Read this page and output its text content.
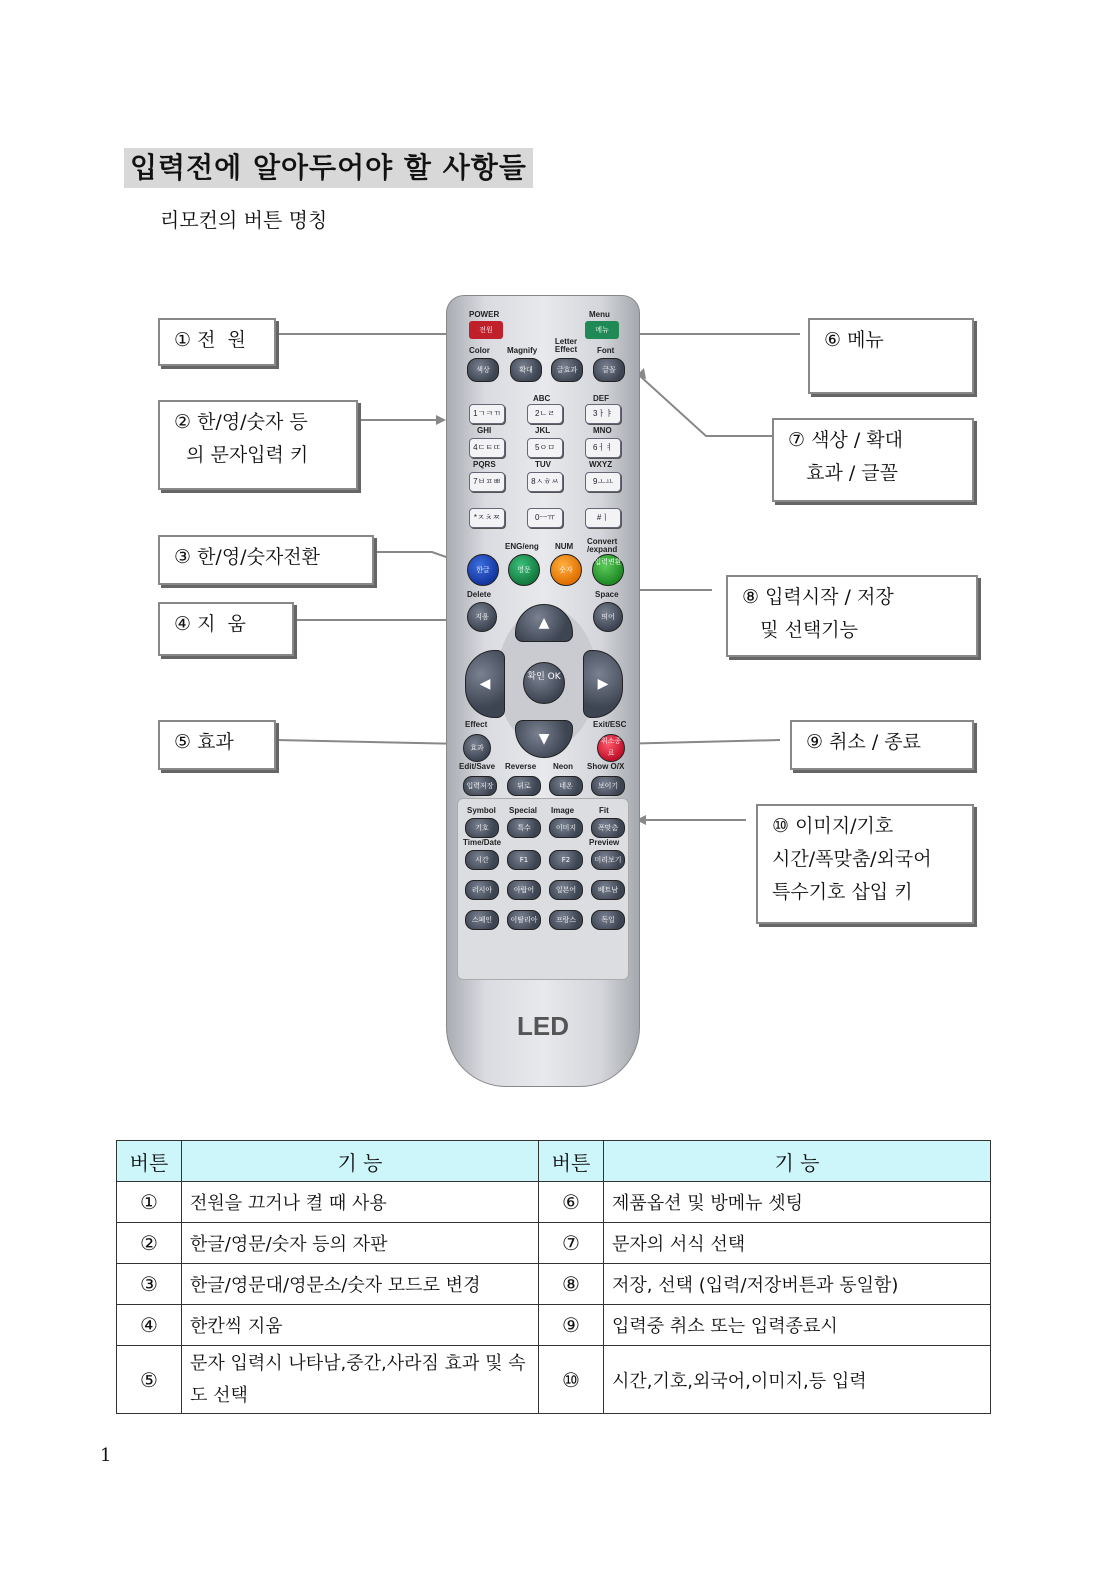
입력전에 알아두어야 할 사항들
리모컨의 버튼 명칭
① 전  원
② 한/영/숫자 등
의 문자입력 키
③ 한/영/숫자전환
④ 지  움
⑤ 효과
⑥ 메뉴
⑦ 색상 / 확대
효과 / 글꼴
⑧ 입력시작 / 저장
및 선택기능
⑨ 취소 / 종료
⑩ 이미지/기호
시간/폭맞춤/외국어
특수기호 삽입 키
POWER
전원
Menu
메뉴
Color Magnify
Letter Effect	Font
색상	확대	글효과	글꼴
ABC	DEF
1ㄱㅋㄲ	2ㄴㄹ	3ㅏㅑ
GHI	JKL	MNO
4ㄷㅌㄸ	5ㅇㅁ	6ㅓㅕ
PQRS	TUV	WXYZ
7ㅂㅍㅃ	8ㅅㅎㅆ	9ㅗㅛ
*ㅈㅊㅉ	0ㅡㅠ	#ㅣ
ENG/eng NUM
Convert /expand
한글	영문	숫자
입력변환
Delete	Space
지움	띄어
▲
▼
◀	▶
확인 OK
Effect	Exit/ESC
효과
취소종료
Edit/Save Reverse Neon Show O/X
입력저장	뒤로	네온	보이기
Symbol Special Image	Fit
기호	특수	이미지	폭맞춤
Time/Date	Preview
시간	F1	F2	미리보기
러시아	아랍어	일본어	베트남
스페인	이탈리아	프랑스	독일
LED
버튼	기 능	버튼	기 능
①	전원을 끄거나 켤 때 사용	⑥	제품옵션 및 방메뉴 셋팅
②	한글/영문/숫자 등의 자판	⑦	문자의 서식 선택
③	한글/영문대/영문소/숫자 모드로 변경	⑧	저장, 선택 (입력/저장버튼과 동일함)
④	한칸씩 지움	⑨	입력중 취소 또는 입력종료시
⑤	문자 입력시 나타남,중간,사라짐 효과 및 속도 선택	⑩	시간,기호,외국어,이미지,등 입력
1
